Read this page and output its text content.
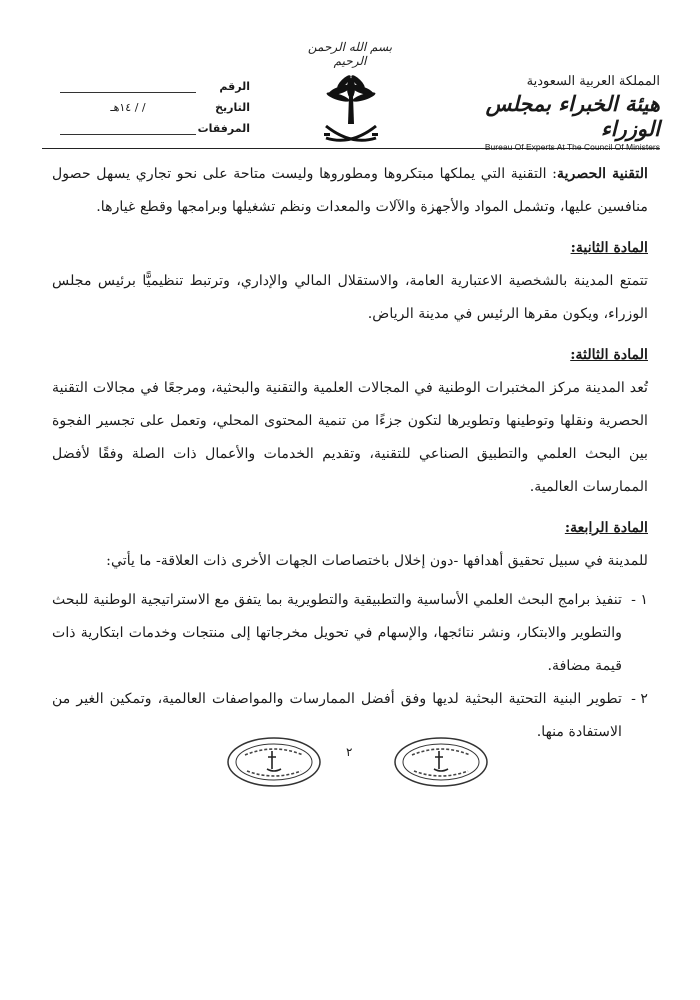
بسم الله الرحمن الرحيم
المملكة العربية السعودية
هيئة الخبراء بمجلس الوزراء
Bureau Of Experts At The Council Of Ministers
الرقم
التاريخ
/ / ١٤هـ
المرفقات

التقنية الحصرية: التقنية التي يملكها مبتكروها ومطوروها وليست متاحة على نحو تجاري يسهل حصول منافسين عليها، وتشمل المواد والأجهزة والآلات والمعدات ونظم تشغيلها وبرامجها وقطع غيارها.

المادة الثانية:

تتمتع المدينة بالشخصية الاعتبارية العامة، والاستقلال المالي والإداري، وترتبط تنظيميًّا برئيس مجلس الوزراء، ويكون مقرها الرئيس في مدينة الرياض.

المادة الثالثة:

تُعد المدينة مركز المختبرات الوطنية في المجالات العلمية والتقنية والبحثية، ومرجعًا في مجالات التقنية الحصرية ونقلها وتوطينها وتطويرها لتكون جزءًا من تنمية المحتوى المحلي، وتعمل على تجسير الفجوة بين البحث العلمي والتطبيق الصناعي للتقنية، وتقديم الخدمات والأعمال ذات الصلة وفقًا لأفضل الممارسات العالمية.

المادة الرابعة:

للمدينة في سبيل تحقيق أهدافها -دون إخلال باختصاصات الجهات الأخرى ذات العلاقة- ما يأتي:

١ -
تنفيذ برامج البحث العلمي الأساسية والتطبيقية والتطويرية بما يتفق مع الاستراتيجية الوطنية للبحث والتطوير والابتكار، ونشر نتائجها، والإسهام في تحويل مخرجاتها إلى منتجات وخدمات ابتكارية ذات قيمة مضافة.
٢ -
تطوير البنية التحتية البحثية لديها وفق أفضل الممارسات والمواصفات العالمية، وتمكين الغير من الاستفادة منها.
٢
